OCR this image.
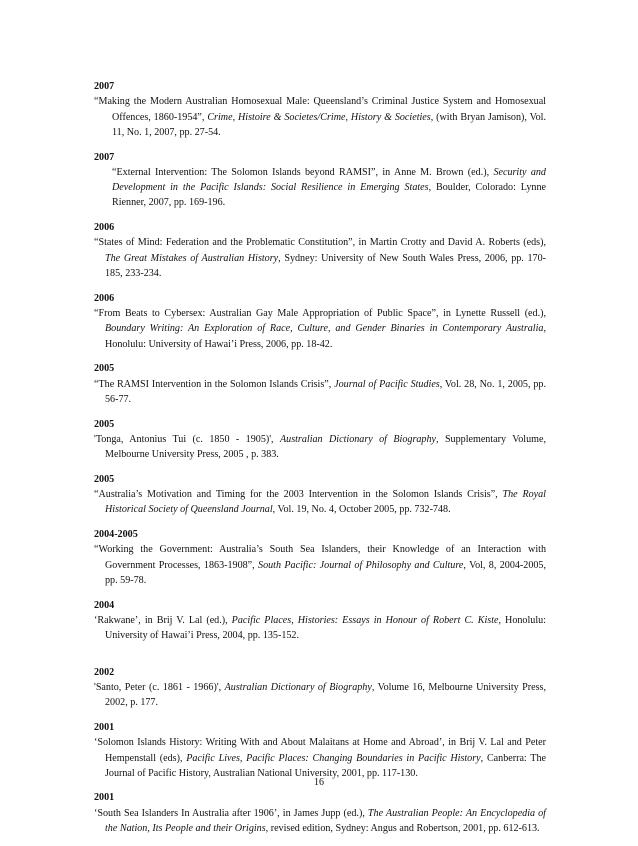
2007
“Making the Modern Australian Homosexual Male: Queensland’s Criminal Justice System and Homosexual Offences, 1860-1954”, Crime, Histoire & Societes/Crime, History & Societies, (with Bryan Jamison), Vol. 11, No. 1, 2007, pp. 27-54.
2007
“External Intervention: The Solomon Islands beyond RAMSI”, in Anne M. Brown (ed.), Security and Development in the Pacific Islands: Social Resilience in Emerging States, Boulder, Colorado: Lynne Rienner, 2007, pp. 169-196.
2006
“States of Mind: Federation and the Problematic Constitution”, in Martin Crotty and David A. Roberts (eds), The Great Mistakes of Australian History, Sydney: University of New South Wales Press, 2006, pp. 170-185, 233-234.
2006
“From Beats to Cybersex: Australian Gay Male Appropriation of Public Space”, in Lynette Russell (ed.), Boundary Writing: An Exploration of Race, Culture, and Gender Binaries in Contemporary Australia, Honolulu: University of Hawai’i Press, 2006, pp. 18-42.
2005
“The RAMSI Intervention in the Solomon Islands Crisis”, Journal of Pacific Studies, Vol. 28, No. 1, 2005, pp. 56-77.
2005
'Tonga, Antonius Tui (c. 1850 - 1905)', Australian Dictionary of Biography, Supplementary Volume, Melbourne University Press, 2005 , p. 383.
2005
“Australia’s Motivation and Timing for the 2003 Intervention in the Solomon Islands Crisis”, The Royal Historical Society of Queensland Journal, Vol. 19, No. 4, October 2005, pp. 732-748.
2004-2005
“Working the Government: Australia’s South Sea Islanders, their Knowledge of an Interaction with Government Processes, 1863-1908”, South Pacific: Journal of Philosophy and Culture, Vol, 8, 2004-2005, pp. 59-78.
2004
‘Rakwane’, in Brij V. Lal (ed.), Pacific Places, Histories: Essays in Honour of Robert C. Kiste, Honolulu: University of Hawai’i Press, 2004, pp. 135-152.
2002
'Santo, Peter (c. 1861 - 1966)', Australian Dictionary of Biography, Volume 16, Melbourne University Press, 2002, p. 177.
2001
‘Solomon Islands History: Writing With and About Malaitans at Home and Abroad’, in Brij V. Lal and Peter Hempenstall (eds), Pacific Lives, Pacific Places: Changing Boundaries in Pacific History, Canberra: The Journal of Pacific History, Australian National University, 2001, pp. 117-130.
2001
‘South Sea Islanders In Australia after 1906’, in James Jupp (ed.), The Australian People: An Encyclopedia of the Nation, Its People and their Origins, revised edition, Sydney: Angus and Robertson, 2001, pp. 612-613.
16
